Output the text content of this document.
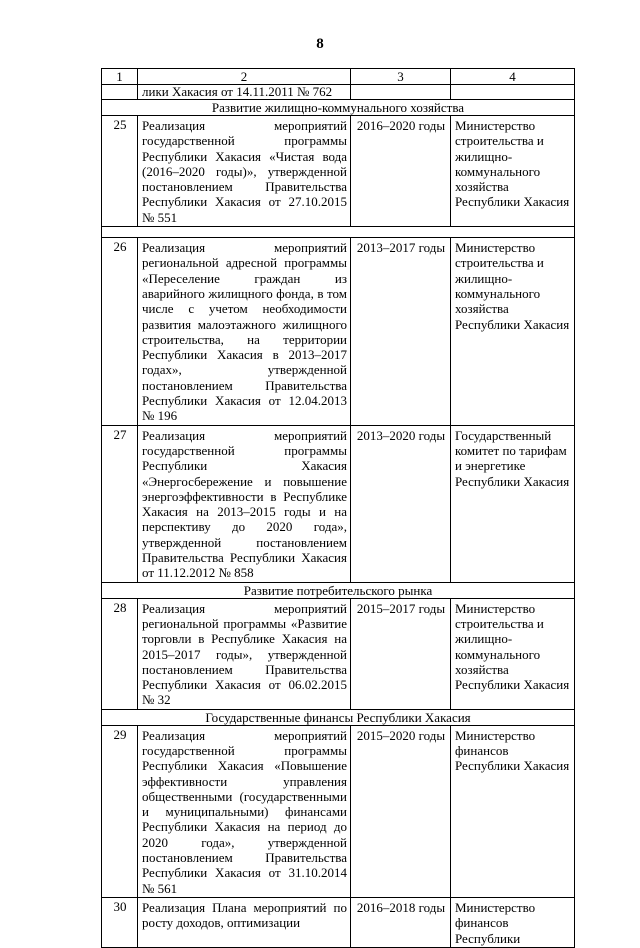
8
1	2	3	4
	лики Хакасия от 14.11.2011 № 762		
Развитие жилищно-коммунального хозяйства			
25	Реализация мероприятий государственной программы Республики Хакасия «Чистая вода (2016–2020 годы)», утвержденной постановлением Правительства Республики Хакасия от 27.10.2015 № 551	2016–2020 годы	Министерство строительства и жилищно-коммунального хозяйства Республики Хакасия

26	Реализация мероприятий региональной адресной программы «Переселение граждан из аварийного жилищного фонда, в том числе с учетом необходимости развития малоэтажного жилищного строительства, на территории Республики Хакасия в 2013–2017 годах», утвержденной постановлением Правительства Республики Хакасия от 12.04.2013 № 196	2013–2017 годы	Министерство строительства и жилищно-коммунального хозяйства Республики Хакасия
27	Реализация мероприятий государственной программы Республики Хакасия «Энергосбережение и повышение энергоэффективности в Республике Хакасия на 2013–2015 годы и на перспективу до 2020 года», утвержденной постановлением Правительства Республики Хакасия от 11.12.2012 № 858	2013–2020 годы	Государственный комитет по тарифам и энергетике Республики Хакасия
Развитие потребительского рынка			
28	Реализация мероприятий региональной программы «Развитие торговли в Республике Хакасия на 2015–2017 годы», утвержденной постановлением Правительства Республики Хакасия от 06.02.2015 № 32	2015–2017 годы	Министерство строительства и жилищно-коммунального хозяйства Республики Хакасия
Государственные финансы Республики Хакасия			
29	Реализация мероприятий государственной программы Республики Хакасия «Повышение эффективности управления общественными (государственными и муниципальными) финансами Республики Хакасия на период до 2020 года», утвержденной постановлением Правительства Республики Хакасия от 31.10.2014 № 561	2015–2020 годы	Министерство финансов Республики Хакасия
30	Реализация Плана мероприятий по росту доходов, оптимизации	2016–2018 годы	Министерство финансов Республики
